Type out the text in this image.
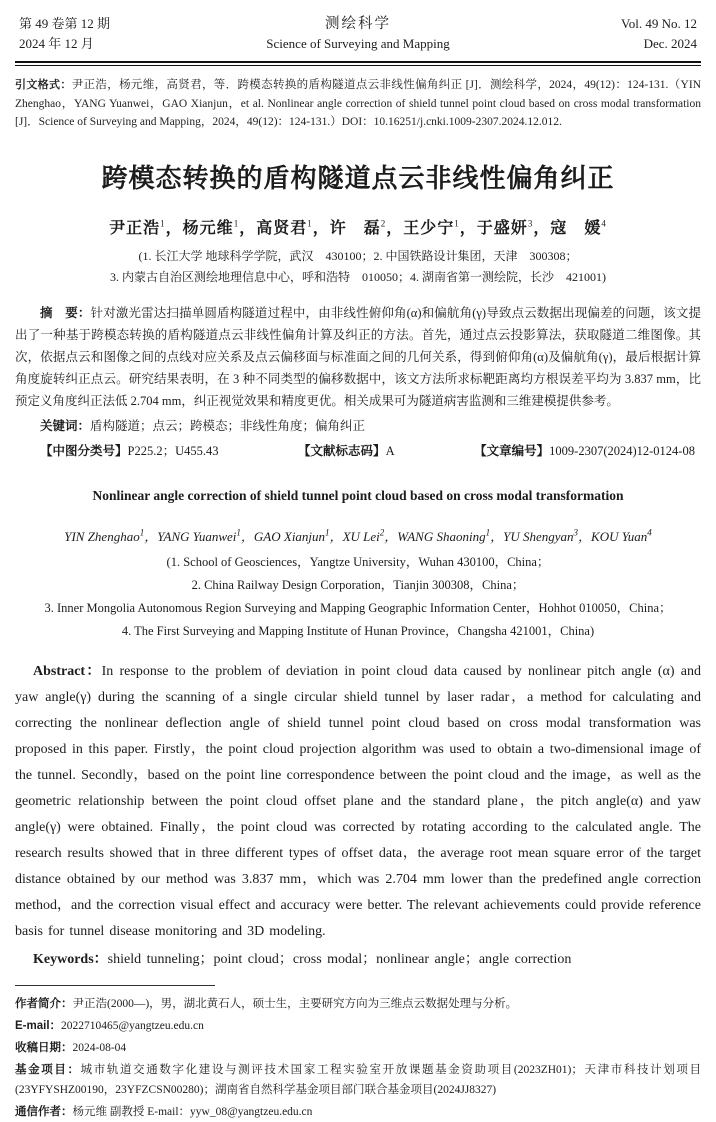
第 49 卷第 12 期
2024 年 12 月
测绘科学
Science of Surveying and Mapping
Vol. 49 No. 12
Dec. 2024

引文格式：尹正浩，杨元维，高贤君，等．跨模态转换的盾构隧道点云非线性偏角纠正 [J]．测绘科学，2024，49(12)：124-131.（YIN Zhenghao，YANG Yuanwei，GAO Xianjun，et al. Nonlinear angle correction of shield tunnel point cloud based on cross modal transformation [J]．Science of Surveying and Mapping，2024，49(12)：124-131.）DOI：10.16251/j.cnki.1009-2307.2024.12.012.

跨模态转换的盾构隧道点云非线性偏角纠正
尹正浩$^1$，杨元维$^1$，高贤君$^1$，许　磊$^2$，王少宁$^1$，于盛妍$^3$，寇　媛$^4$
(1. 长江大学 地球科学学院，武汉　430100；2. 中国铁路设计集团，天津　300308；
3. 内蒙古自治区测绘地理信息中心，呼和浩特　010050；4. 湖南省第一测绘院，长沙　421001)

摘　要：针对激光雷达扫描单圆盾构隧道过程中，由非线性俯仰角(α)和偏航角(γ)导致点云数据出现偏差的问题，该文提出了一种基于跨模态转换的盾构隧道点云非线性偏角计算及纠正的方法。首先，通过点云投影算法，获取隧道二维图像。其次，依据点云和图像之间的点线对应关系及点云偏移面与标准面之间的几何关系，得到俯仰角(α)及偏航角(γ)，最后根据计算角度旋转纠正点云。研究结果表明，在 3 种不同类型的偏移数据中，该文方法所求标靶距离均方根误差平均为 3.837 mm，比预定义角度纠正法低 2.704 mm，纠正视觉效果和精度更优。相关成果可为隧道病害监测和三维建模提供参考。

关键词：盾构隧道；点云；跨模态；非线性角度；偏角纠正

【中图分类号】P225.2；U455.43	【文献标志码】A	【文章编号】1009-2307(2024)12-0124-08
Nonlinear angle correction of shield tunnel point cloud based on cross modal transformation
YIN Zhenghao$^1$，YANG Yuanwei$^1$，GAO Xianjun$^1$，XU Lei$^2$，WANG Shaoning$^1$，YU Shengyan$^3$，KOU Yuan$^4$
(1. School of Geosciences，Yangtze University，Wuhan 430100，China；
2. China Railway Design Corporation，Tianjin 300308，China；
3. Inner Mongolia Autonomous Region Surveying and Mapping Geographic Information Center，Hohhot 010050，China；
4. The First Surveying and Mapping Institute of Hunan Province，Changsha 421001，China)

Abstract：In response to the problem of deviation in point cloud data caused by nonlinear pitch angle (α) and yaw angle(γ) during the scanning of a single circular shield tunnel by laser radar，a method for calculating and correcting the nonlinear deflection angle of shield tunnel point cloud based on cross modal transformation was proposed in this paper. Firstly，the point cloud projection algorithm was used to obtain a two-dimensional image of the tunnel. Secondly，based on the point line correspondence between the point cloud and the image，as well as the geometric relationship between the point cloud offset plane and the standard plane，the pitch angle(α) and yaw angle(γ) were obtained. Finally，the point cloud was corrected by rotating according to the calculated angle. The research results showed that in three different types of offset data，the average root mean square error of the target distance obtained by our method was 3.837 mm，which was 2.704 mm lower than the predefined angle correction method，and the correction visual effect and accuracy were better. The relevant achievements could provide reference basis for tunnel disease monitoring and 3D modeling.

Keywords：shield tunneling；point cloud；cross modal；nonlinear angle；angle correction

作者简介：尹正浩(2000—)，男，湖北黄石人，硕士生，主要研究方向为三维点云数据处理与分析。

E-mail：2022710465@yangtzeu.edu.cn

收稿日期：2024-08-04

基金项目：城市轨道交通数字化建设与测评技术国家工程实验室开放课题基金资助项目(2023ZH01)；天津市科技计划项目(23YFYSHZ00190，23YFZCSN00280)；湖南省自然科学基金项目部门联合基金项目(2024JJ8327)

通信作者：杨元维 副教授 E-mail：yyw_08@yangtzeu.edu.cn
